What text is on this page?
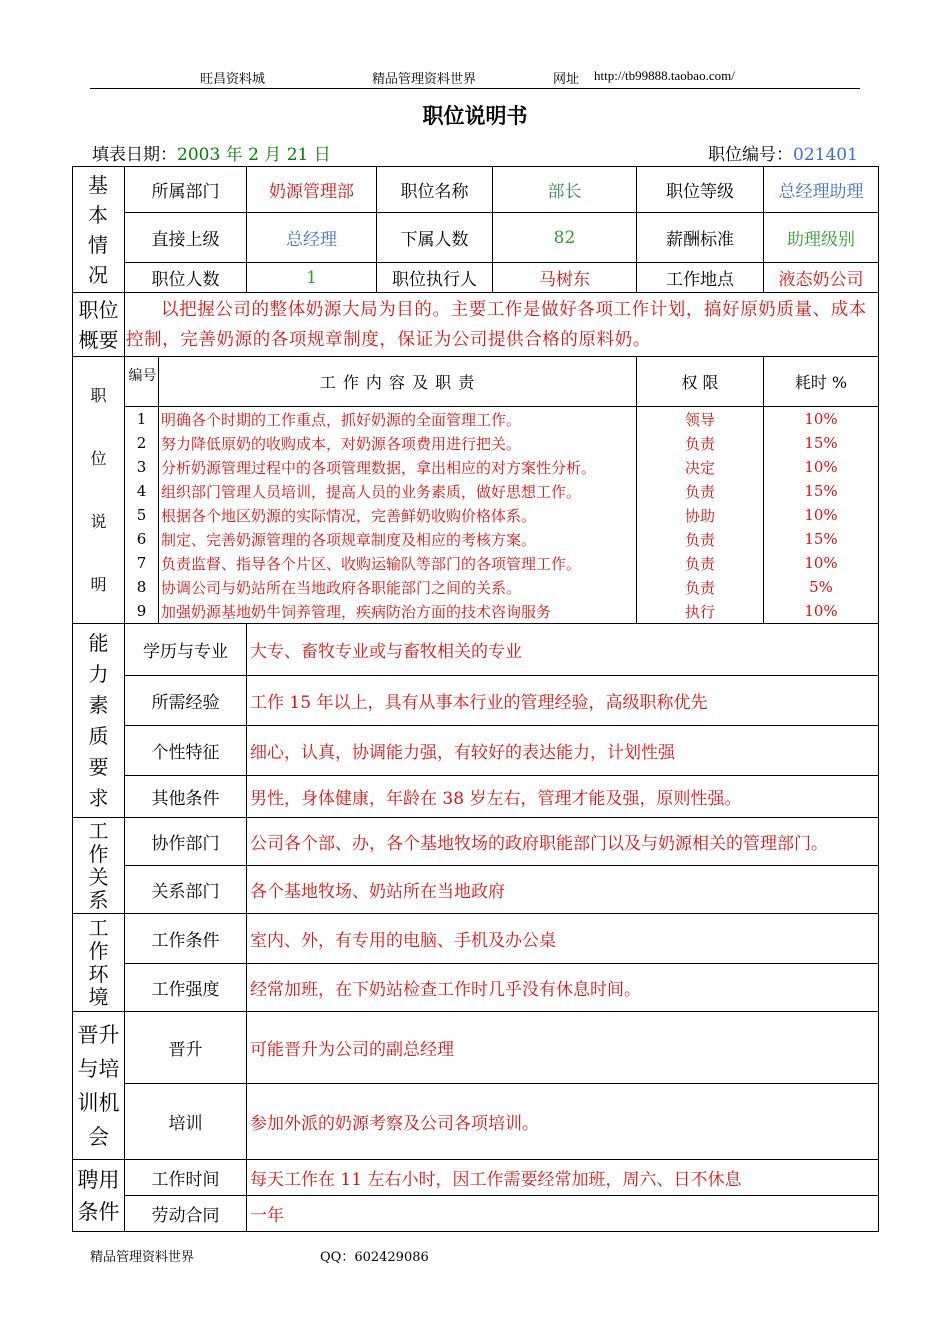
旺昌资料城	精品管理资料世界	网址 http://tb99888.taobao.com/
职位说明书
填表日期：2003 年 2 月 21 日	职位编号：021401
基本情况	所属部门		奶源管理部	职位名称	部长	职位等级	总经理助理
	直接上级		总经理	下属人数	82	薪酬标准	助理级别
	职位人数		1	职位执行人	马树东	工作地点	液态奶公司

职位概要	以把握公司的整体奶源大局为目的。主要工作是做好各项工作计划，搞好原奶质量、成本控制，完善奶源的各项规章制度，保证为公司提供合格的原料奶。						

职位说明	编号	工 作 内 容 及 职 责				权 限	耗时 %
	1	明确各个时期的工作重点，抓好奶源的全面管理工作。				领导	10%
	2	努力降低原奶的收购成本，对奶源各项费用进行把关。				负责	15%
	3	分析奶源管理过程中的各项管理数据，拿出相应的对方案性分析。				决定	10%
	4	组织部门管理人员培训，提高人员的业务素质，做好思想工作。				负责	15%
	5	根据各个地区奶源的实际情况，完善鲜奶收购价格体系。				协助	10%
	6	制定、完善奶源管理的各项规章制度及相应的考核方案。				负责	15%
	7	负责监督、指导各个片区、收购运输队等部门的各项管理工作。				负责	10%
	8	协调公司与奶站所在当地政府各职能部门之间的关系。				负责	5%
	9	加强奶源基地奶牛饲养管理，疾病防治方面的技术咨询服务				执行	10%

能力素质要求	学历与专业		大专、畜牧专业或与畜牧相关的专业				
	所需经验		工作 15 年以上，具有从事本行业的管理经验，高级职称优先				
	个性特征		细心，认真，协调能力强，有较好的表达能力，计划性强				
	其他条件		男性，身体健康，年龄在 38 岁左右，管理才能及强，原则性强。				

工作关系	协作部门		公司各个部、办，各个基地牧场的政府职能部门以及与奶源相关的管理部门。				
	关系部门		各个基地牧场、奶站所在当地政府				

工作环境	工作条件		室内、外，有专用的电脑、手机及办公桌				
	工作强度		经常加班，在下奶站检查工作时几乎没有休息时间。				

晋升与培训机会	晋升		可能晋升为公司的副总经理				
	培训		参加外派的奶源考察及公司各项培训。				

聘用条件	工作时间		每天工作在 11 左右小时，因工作需要经常加班，周六、日不休息				
	劳动合同		一年				
精品管理资料世界	QQ：602429086
